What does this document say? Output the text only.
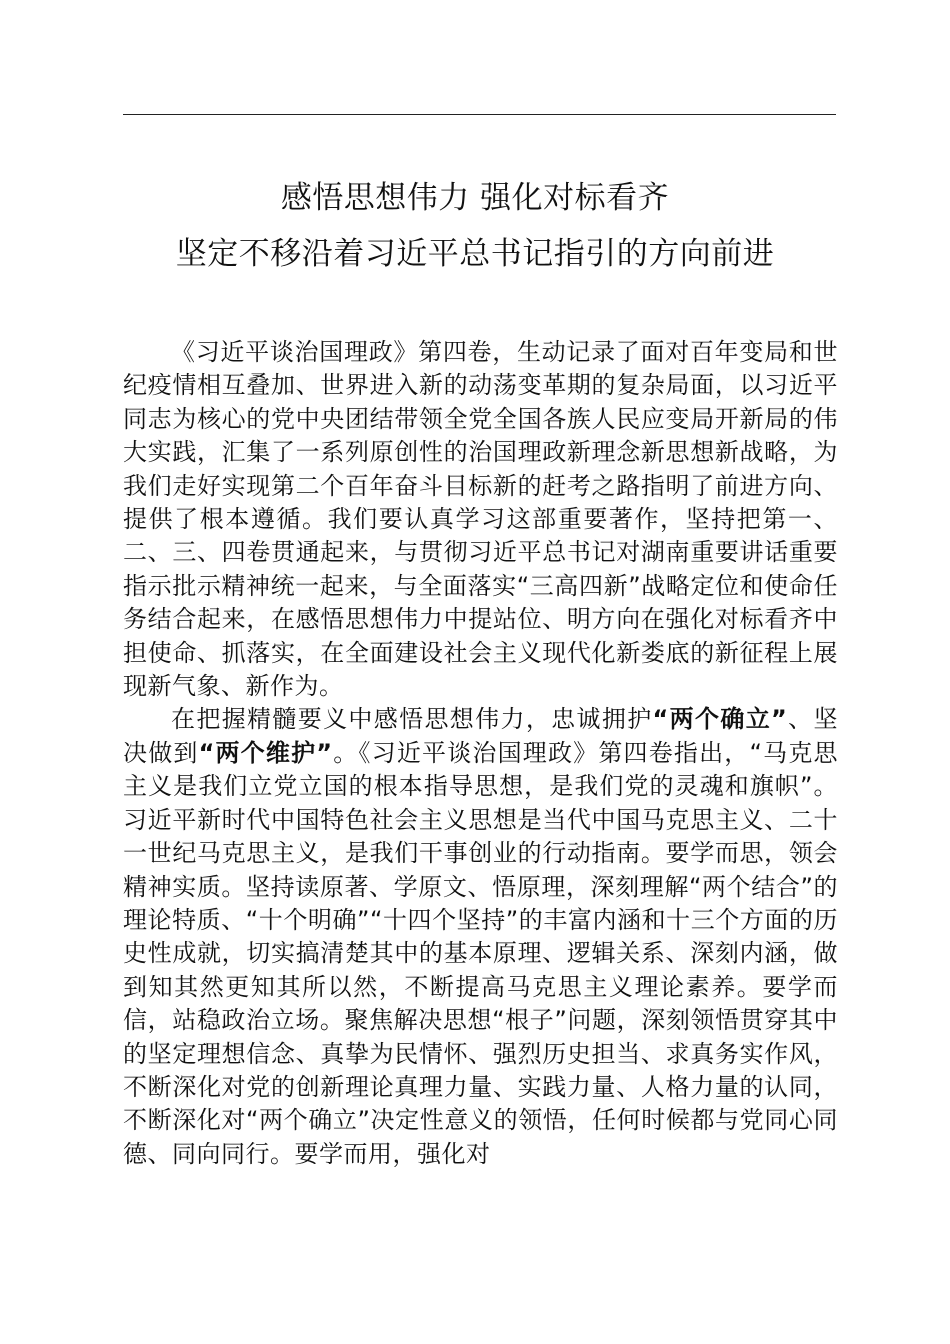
感悟思想伟力 强化对标看齐
坚定不移沿着习近平总书记指引的方向前进

《习近平谈治国理政》第四卷，生动记录了面对百年变局和世纪疫情相互叠加、世界进入新的动荡变革期的复杂局面，以习近平同志为核心的党中央团结带领全党全国各族人民应变局开新局的伟大实践，汇集了一系列原创性的治国理政新理念新思想新战略，为我们走好实现第二个百年奋斗目标新的赶考之路指明了前进方向、提供了根本遵循。我们要认真学习这部重要著作，坚持把第一、二、三、四卷贯通起来，与贯彻习近平总书记对湖南重要讲话重要指示批示精神统一起来，与全面落实“三高四新”战略定位和使命任务结合起来，在感悟思想伟力中提站位、明方向在强化对标看齐中担使命、抓落实，在全面建设社会主义现代化新娄底的新征程上展现新气象、新作为。

在把握精髓要义中感悟思想伟力，忠诚拥护“两个确立”、坚决做到“两个维护”。《习近平谈治国理政》第四卷指出，“马克思主义是我们立党立国的根本指导思想，是我们党的灵魂和旗帜”。习近平新时代中国特色社会主义思想是当代中国马克思主义、二十一世纪马克思主义，是我们干事创业的行动指南。要学而思，领会精神实质。坚持读原著、学原文、悟原理，深刻理解“两个结合”的理论特质、“十个明确”“十四个坚持”的丰富内涵和十三个方面的历史性成就，切实搞清楚其中的基本原理、逻辑关系、深刻内涵，做到知其然更知其所以然，不断提高马克思主义理论素养。要学而信，站稳政治立场。聚焦解决思想“根子”问题，深刻领悟贯穿其中的坚定理想信念、真挚为民情怀、强烈历史担当、求真务实作风，不断深化对党的创新理论真理力量、实践力量、人格力量的认同，不断深化对“两个确立”决定性意义的领悟，任何时候都与党同心同德、同向同行。要学而用，强化对
